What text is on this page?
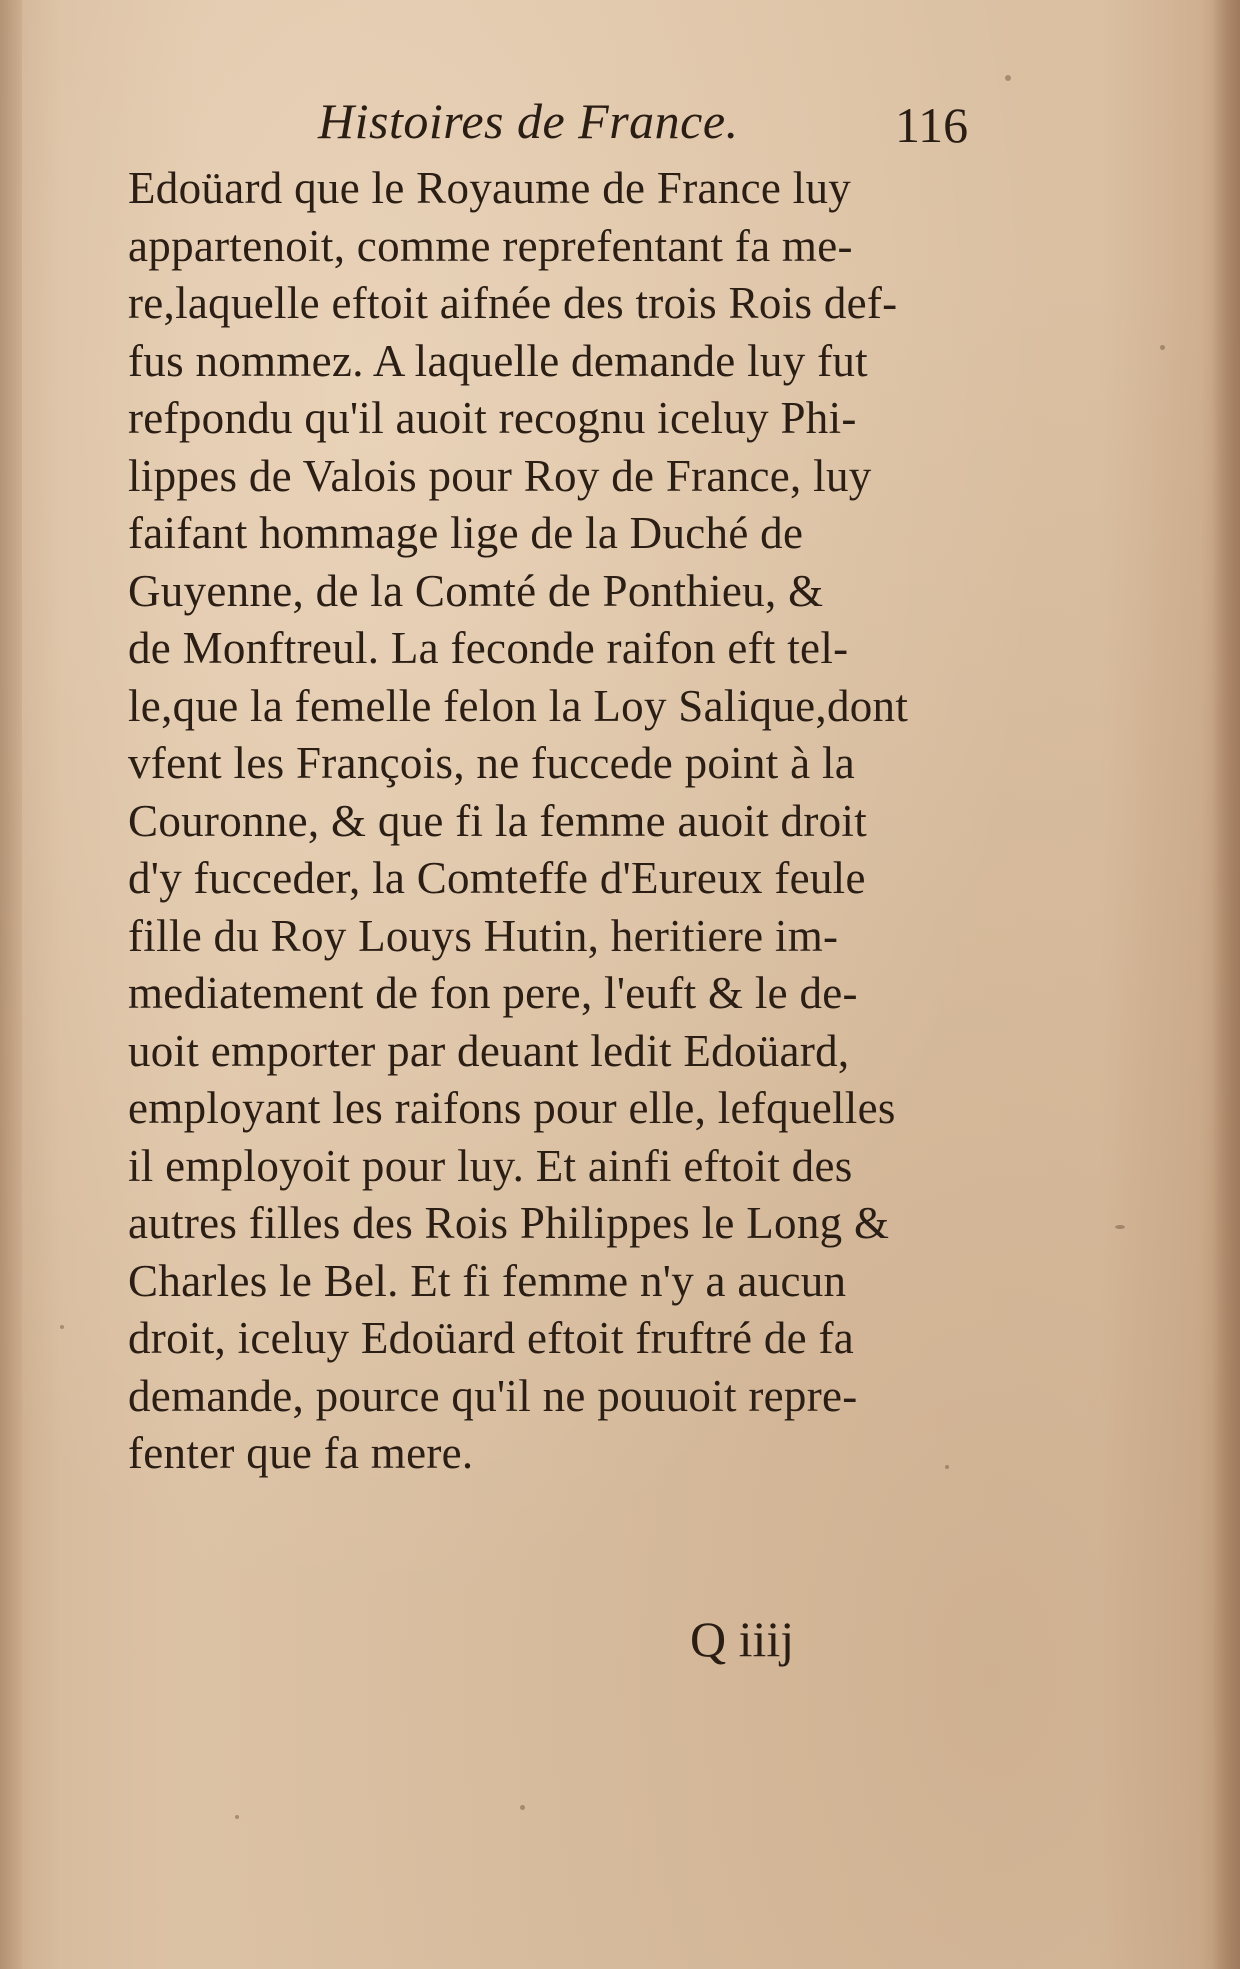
Histoires de France.	116
Edoüard que le Royaume de France luy
appartenoit, comme reprefentant fa me-
re,laquelle eftoit aifnée des trois Rois def-
fus nommez. A laquelle demande luy fut
refpondu qu'il auoit recognu iceluy Phi-
lippes de Valois pour Roy de France, luy
faifant hommage lige de la Duché de
Guyenne, de la Comté de Ponthieu, &
de Monftreul. La feconde raifon eft tel-
le,que la femelle felon la Loy Salique,dont
vfent les François, ne fuccede point à la
Couronne, & que fi la femme auoit droit
d'y fucceder, la Comteffe d'Eureux feule
fille du Roy Louys Hutin, heritiere im-
mediatement de fon pere, l'euft & le de-
uoit emporter par deuant ledit Edoüard,
employant les raifons pour elle, lefquelles
il employoit pour luy. Et ainfi eftoit des
autres filles des Rois Philippes le Long &
Charles le Bel. Et fi femme n'y a aucun
droit, iceluy Edoüard eftoit fruftré de fa
demande, pource qu'il ne pouuoit repre-
fenter que fa mere.
Q iiij
